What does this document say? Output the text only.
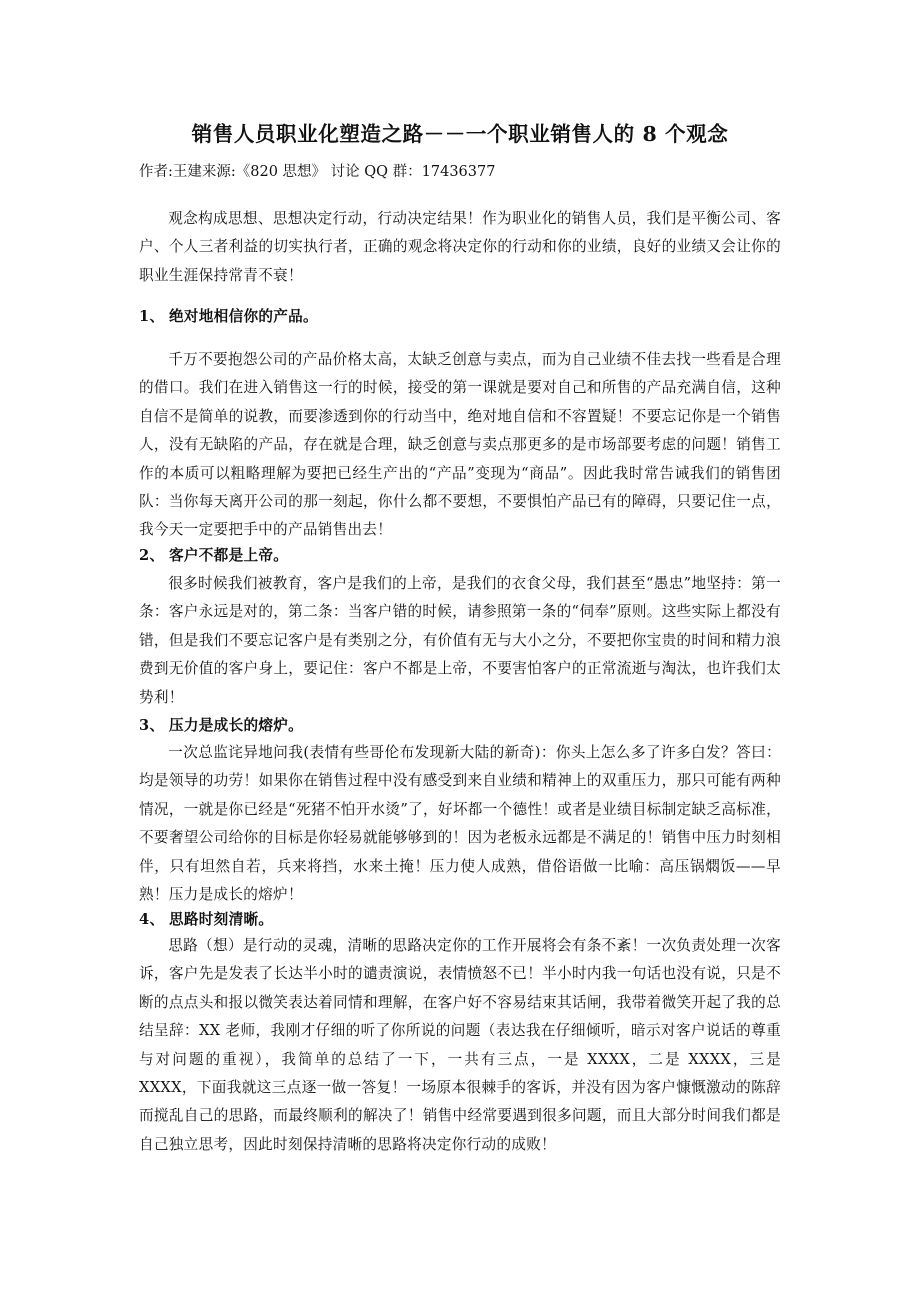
销售人员职业化塑造之路－－一个职业销售人的 8 个观念
作者:王建来源:《820 思想》 讨论 QQ 群：17436377

观念构成思想、思想决定行动，行动决定结果！作为职业化的销售人员，我们是平衡公司、客户、个人三者利益的切实执行者，正确的观念将决定你的行动和你的业绩，良好的业绩又会让你的职业生涯保持常青不衰！

1、 绝对地相信你的产品。

千万不要抱怨公司的产品价格太高，太缺乏创意与卖点，而为自己业绩不佳去找一些看是合理的借口。我们在进入销售这一行的时候，接受的第一课就是要对自己和所售的产品充满自信，这种自信不是简单的说教，而要渗透到你的行动当中，绝对地自信和不容置疑！不要忘记你是一个销售人，没有无缺陷的产品，存在就是合理，缺乏创意与卖点那更多的是市场部要考虑的问题！销售工作的本质可以粗略理解为要把已经生产出的“产品”变现为“商品”。因此我时常告诫我们的销售团队：当你每天离开公司的那一刻起，你什么都不要想，不要惧怕产品已有的障碍，只要记住一点，我今天一定要把手中的产品销售出去！

2、 客户不都是上帝。

很多时候我们被教育，客户是我们的上帝，是我们的衣食父母，我们甚至“愚忠”地坚持：第一条：客户永远是对的，第二条：当客户错的时候，请参照第一条的“伺奉”原则。这些实际上都没有错，但是我们不要忘记客户是有类别之分，有价值有无与大小之分，不要把你宝贵的时间和精力浪费到无价值的客户身上，要记住：客户不都是上帝，不要害怕客户的正常流逝与淘汰，也许我们太势利！

3、 压力是成长的熔炉。

一次总监诧异地问我(表情有些哥伦布发现新大陆的新奇)：你头上怎么多了许多白发？答曰：均是领导的功劳！如果你在销售过程中没有感受到来自业绩和精神上的双重压力，那只可能有两种情况，一就是你已经是“死猪不怕开水烫”了，好坏都一个德性！或者是业绩目标制定缺乏高标准，不要奢望公司给你的目标是你轻易就能够够到的！因为老板永远都是不满足的！销售中压力时刻相伴，只有坦然自若，兵来将挡，水来土掩！压力使人成熟，借俗语做一比喻：高压锅燜饭——早熟！压力是成长的熔炉！

4、 思路时刻清晰。

思路（想）是行动的灵魂，清晰的思路决定你的工作开展将会有条不紊！一次负责处理一次客诉，客户先是发表了长达半小时的谴责演说，表情愤怒不已！半小时内我一句话也没有说，只是不断的点点头和报以微笑表达着同情和理解，在客户好不容易结束其话闸，我带着微笑开起了我的总结呈辞：XX 老师，我刚才仔细的听了你所说的问题（表达我在仔细倾听，暗示对客户说话的尊重与对问题的重视），我简单的总结了一下，一共有三点，一是 XXXX，二是 XXXX，三是 XXXX，下面我就这三点逐一做一答复！一场原本很棘手的客诉，并没有因为客户慷慨激动的陈辞而搅乱自己的思路，而最终顺利的解决了！销售中经常要遇到很多问题，而且大部分时间我们都是自己独立思考，因此时刻保持清晰的思路将决定你行动的成败！
